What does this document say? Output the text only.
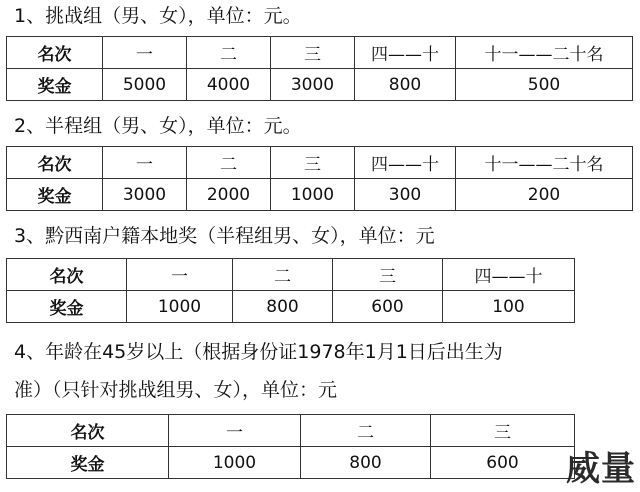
1、挑战组（男、女），单位：元。
名次	一	二	三	四——十	十一——二十名
奖金	5000	4000	3000	800	500
2、半程组（男、女），单位：元。
名次	一	二	三	四——十	十一——二十名
奖金	3000	2000	1000	300	200
3、黔西南户籍本地奖（半程组男、女），单位：元
名次	一	二	三	四——十
奖金	1000	800	600	100
4、年龄在45岁以上（根据身份证1978年1月1日后出生为
准）（只针对挑战组男、女），单位：元
名次	一	二	三
奖金	1000	800	600 威量
